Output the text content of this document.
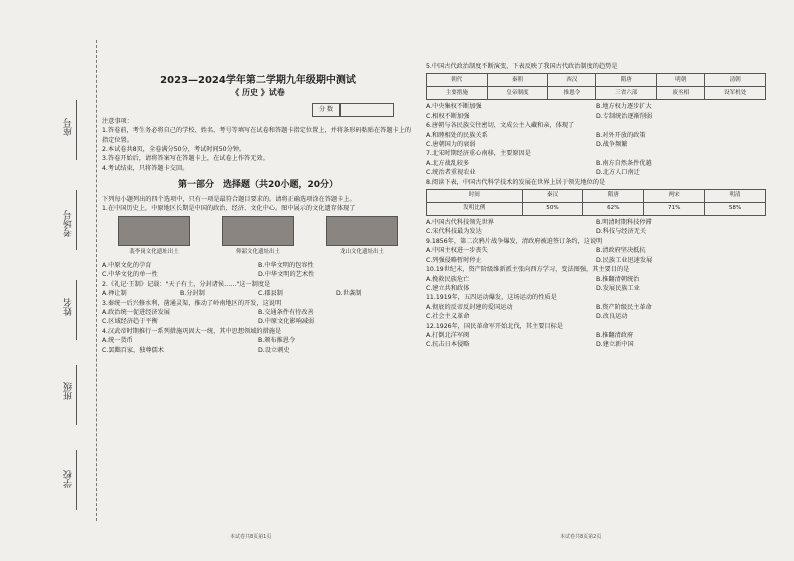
座号
考场号
姓名
班级
学校
2023—2024学年第二学期九年级期中测试
《 历史 》试卷
分 数

注意事项：

1.答卷前，考生务必将自己的学校、姓名、考号等填写在试卷和答题卡指定位置上，并将条形码粘贴在答题卡上的指定位置。

2.本试卷共8页，全卷满分50分，考试时间50分钟。

3.答卷开始后，请将答案写在答题卡上，在试卷上作答无效。

4.考试结束，只将答题卡交回。

第一部分　选择题（共20小题，20分）
下列每小题列出的四个选项中，只有一项是最符合题目要求的。请将正确选项涂在答题卡上。

1.在中国历史上，中原地区长期是中国的政治、经济、文化中心。图中展示的文化遗存体现了

裴李岗文化遗址出土	仰韶文化遗址出土	龙山文化遗址出土
A.中原文化的孕育	B.中华文明的包容性
C.中华文化的单一性	D.中华文明的艺术性

2.《礼记·王制》记载："天子有土，分封诸侯……"这一制度是

A.禅让制	B.分封制	C.郡县制	D.世袭制

3.秦统一后兴修水利，凿通灵渠，推动了岭南地区的开发，这说明

A.政治统一促进经济发展	B.交通条件有待改善
C.区域经济趋于平衡	D.中原文化影响减弱

4.汉武帝时期推行一系列措施巩固大一统，其中思想领域的措施是

A.统一货币	B.颁布推恩令
C.罢黜百家，独尊儒术	D.设立刺史

5.中国古代政治制度不断演变，下表反映了我国古代政治制度的趋势是

朝代	秦朝	西汉	隋唐	明朝	清朝
主要措施	皇帝制度	推恩令	三省六部	废丞相	设军机处
A.中央集权不断加强	B.地方权力逐步扩大
C.相权不断加强	D.专制统治逐渐削弱

6.唐朝与各民族交往密切，文成公主入藏和亲，体现了

A.和睦相处的民族关系	B.对外开放的政策
C.唐朝国力的衰弱	D.战争频繁

7.北宋时期经济重心南移，主要原因是

A.北方战乱较多	B.南方自然条件优越
C.统治者重视农业	D.北方人口南迁

8.阅读下表，中国古代科学技术的发展在世界上居于领先地位的是

时间	秦汉	隋唐	两宋	明清
发明比例	50%	62%	71%	58%
A.中国古代科技领先世界	B.明清时期科技停滞
C.宋代科技最为发达	D.科技与经济无关

9.1856年，第二次鸦片战争爆发，清政府被迫签订条约，这说明

A.中国主权进一步丧失	B.清政府坚决抵抗
C.列强侵略暂时停止	D.民族工业迅速发展

10.19世纪末，资产阶级维新派主张向西方学习，变法图强，其主要目的是

A.挽救民族危亡	B.推翻清朝统治
C.建立共和政体	D.发展民族工业

11.1919年，五四运动爆发，这场运动的性质是

A.彻底的反帝反封建的爱国运动	B.资产阶级民主革命
C.社会主义革命	D.改良运动

12.1926年，国民革命军开始北伐，其主要目标是

A.打倒北洋军阀	B.推翻清政府
C.抗击日本侵略	D.建立新中国
本试卷共8页第1页	本试卷共8页第2页
